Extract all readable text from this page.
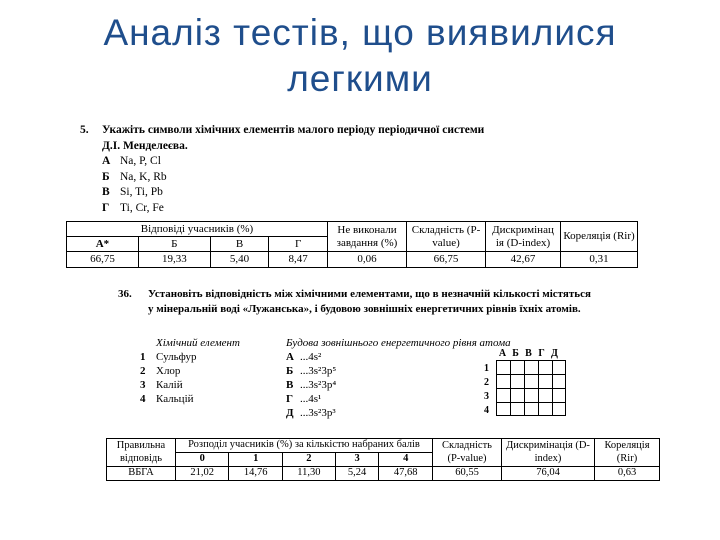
Аналіз тестів, що виявилися
легкими
5. Укажіть символи хімічних елементів малого періоду періодичної системи
Д.І. Менделеєва.
А Na, P, Cl
Б Na, K, Rb
В Si, Ti, Pb
Г Ti, Cr, Fe
Відповіді учасників (%)				Не виконали завдання (%)	Складність (P-value)	Дискримінац ія (D-index)	Кореляція (Rir)
А*	Б	В	Г				
66,75	19,33	5,40	8,47	0,06	66,75	42,67	0,31
36.	Установіть відповідність між хімічними елементами, що в незначній кількості містяться у мінеральній воді «Лужанська», і будовою зовнішніх енергетичних рівнів їхніх атомів.
Хімічний елемент
1 Сульфур
2 Хлор
3 Калій
4 Кальцій
Будова зовнішнього енергетичного рівня атома
А ...4s²
Б ...3s²3p⁵
В ...3s²3p⁴
Г ...4s¹
Д ...3s²3p³
А Б В Г Д
1
2
3
4
Правильна відповідь	Розподіл учасників (%) за кількістю набраних балів					Складність (P-value)	Дискримінація (D-index)	Кореляція (Rir)
	0	1	2	3	4			
ВБГА	21,02	14,76	11,30	5,24	47,68	60,55	76,04	0,63
